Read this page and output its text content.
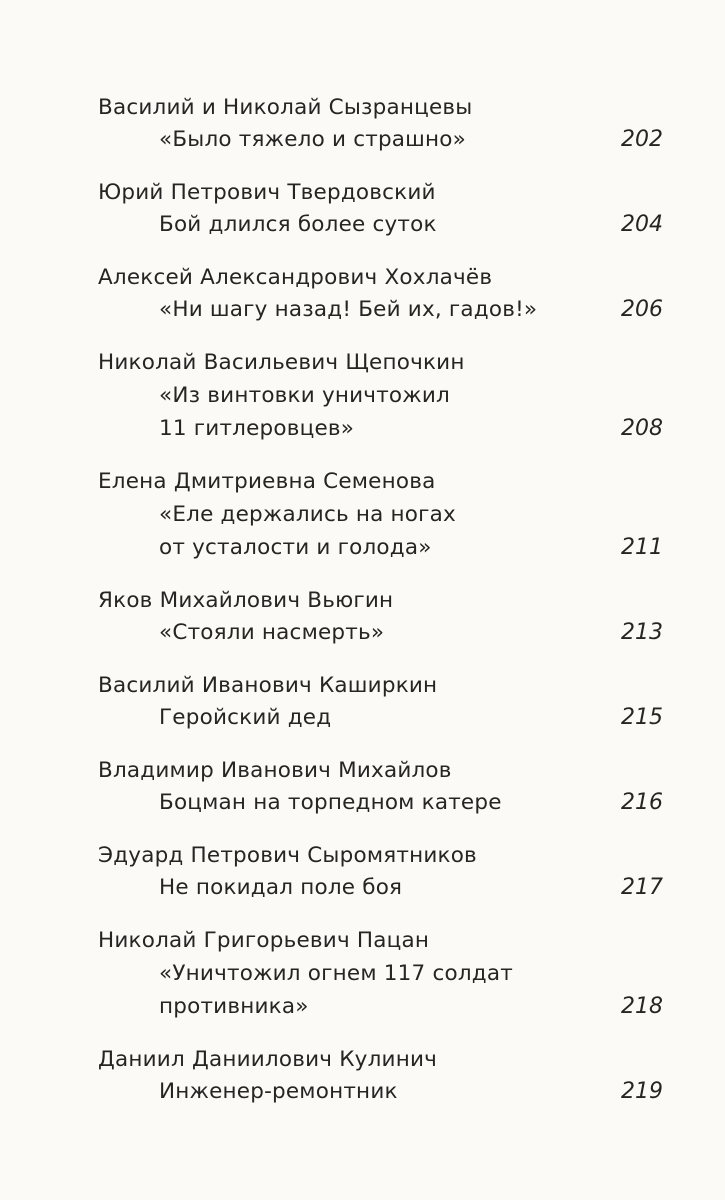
Василий и Николай Сызранцевы
«Было тяжело и страшно»	202
Юрий Петрович Твердовский
Бой длился более суток	204
Алексей Александрович Хохлачёв
«Ни шагу назад! Бей их, гадов!»	206
Николай Васильевич Щепочкин
«Из винтовки уничтожил
11 гитлеровцев»	208
Елена Дмитриевна Семенова
«Еле держались на ногах
от усталости и голода»	211
Яков Михайлович Вьюгин
«Стояли насмерть»	213
Василий Иванович Каширкин
Геройский дед	215
Владимир Иванович Михайлов
Боцман на торпедном катере	216
Эдуард Петрович Сыромятников
Не покидал поле боя	217
Николай Григорьевич Пацан
«Уничтожил огнем 117 солдат
противника»	218
Даниил Даниилович Кулинич
Инженер-ремонтник	219
